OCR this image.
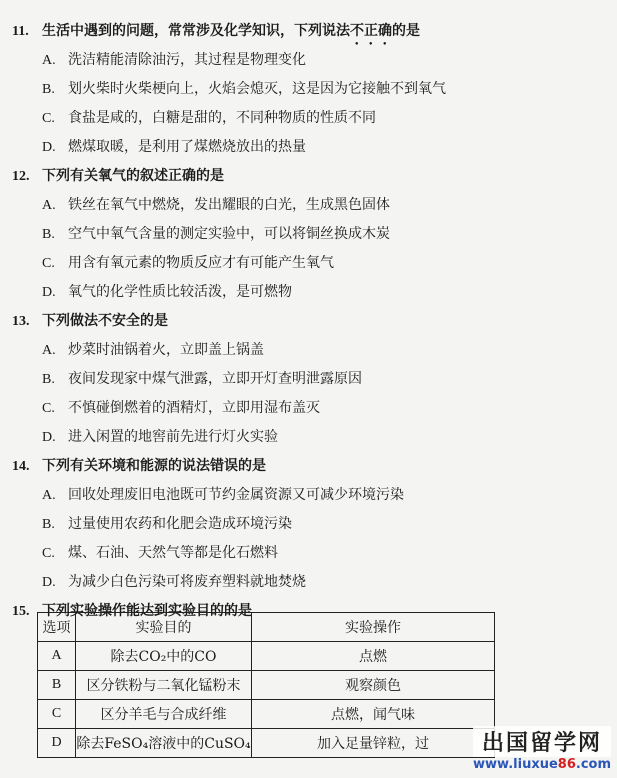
11. 生活中遇到的问题，常常涉及化学知识，下列说法不正确的是
A. 洗洁精能清除油污，其过程是物理变化
B. 划火柴时火柴梗向上，火焰会熄灭，这是因为它接触不到氧气
C. 食盐是咸的，白糖是甜的，不同种物质的性质不同
D. 燃煤取暖，是利用了煤燃烧放出的热量
12. 下列有关氧气的叙述正确的是
A. 铁丝在氧气中燃烧，发出耀眼的白光，生成黑色固体
B. 空气中氧气含量的测定实验中，可以将铜丝换成木炭
C. 用含有氧元素的物质反应才有可能产生氧气
D. 氧气的化学性质比较活泼，是可燃物
13. 下列做法不安全的是
A. 炒菜时油锅着火，立即盖上锅盖
B. 夜间发现家中煤气泄露，立即开灯查明泄露原因
C. 不慎碰倒燃着的酒精灯，立即用湿布盖灭
D. 进入闲置的地窖前先进行灯火实验
14. 下列有关环境和能源的说法错误的是
A. 回收处理废旧电池既可节约金属资源又可减少环境污染
B. 过量使用农药和化肥会造成环境污染
C. 煤、石油、天然气等都是化石燃料
D. 为减少白色污染可将废弃塑料就地焚烧
15. 下列实验操作能达到实验目的的是
选项	实验目的	实验操作
A	除去CO₂中的CO	点燃
B	区分铁粉与二氧化锰粉末	观察颜色
C	区分羊毛与合成纤维	点燃，闻气味
D	除去FeSO₄溶液中的CuSO₄	加入足量锌粒，过	出国留学网
www.liuxue86.com
